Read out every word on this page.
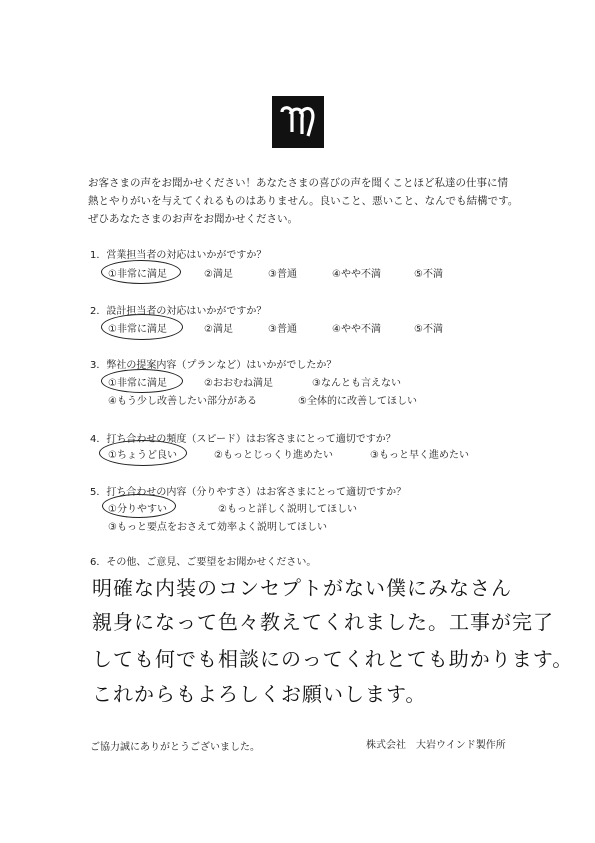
お客さまの声をお聞かせください！あなたさまの喜びの声を聞くことほど私達の仕事に情
熱とやりがいを与えてくれるものはありません。良いこと、悪いこと、なんでも結構です。
ぜひあなたさまのお声をお聞かせください。
1．営業担当者の対応はいかがですか？
①非常に満足	②満足	③普通	④やや不満	⑤不満
2．設計担当者の対応はいかがですか？
①非常に満足	②満足	③普通	④やや不満	⑤不満
3．弊社の提案内容（プランなど）はいかがでしたか？
①非常に満足	②おおむね満足	③なんとも言えない
④もう少し改善したい部分がある	⑤全体的に改善してほしい
4．打ち合わせの頻度（スピード）はお客さまにとって適切ですか？
①ちょうど良い	②もっとじっくり進めたい	③もっと早く進めたい
5．打ち合わせの内容（分りやすさ）はお客さまにとって適切ですか？
①分りやすい	②もっと詳しく説明してほしい
③もっと要点をおさえて効率よく説明してほしい
6．その他、ご意見、ご要望をお聞かせください。
明確な内装のコンセプトがない僕にみなさん
親身になって色々教えてくれました。工事が完了
しても何でも相談にのってくれとても助かります。
これからもよろしくお願いします。
ご協力誠にありがとうございました。	株式会社　大岩ウインド製作所
